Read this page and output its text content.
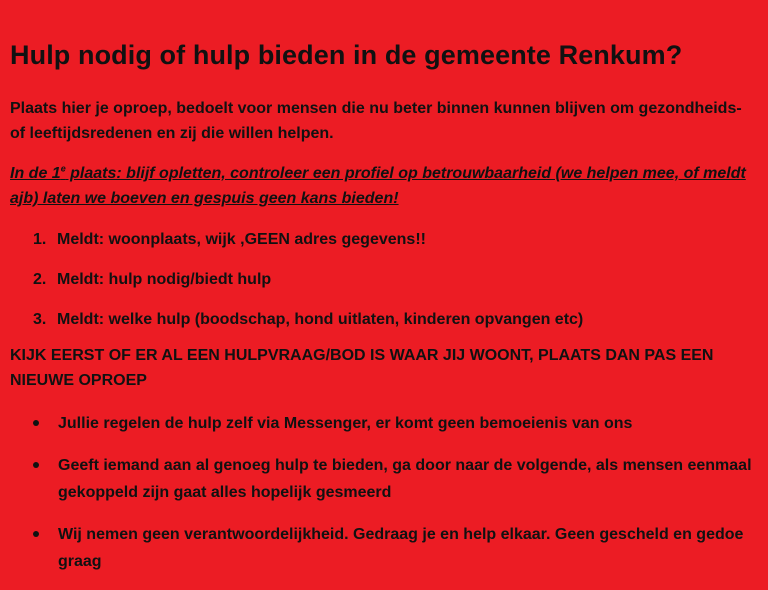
Hulp nodig of hulp bieden in de gemeente Renkum?

Plaats hier je oproep, bedoelt voor mensen die nu beter binnen kunnen blijven om gezondheids- of leeftijdsredenen en zij die willen helpen.

In de 1e plaats: blijf opletten, controleer een profiel op betrouwbaarheid (we helpen mee, of meldt ajb) laten we boeven en gespuis geen kans bieden!

1. Meldt: woonplaats, wijk ,GEEN adres gegevens!!
2. Meldt: hulp nodig/biedt hulp
3. Meldt: welke hulp (boodschap, hond uitlaten, kinderen opvangen etc)

KIJK EERST OF ER AL EEN HULPVRAAG/BOD IS WAAR JIJ WOONT, PLAATS DAN PAS EEN NIEUWE OPROEP

Jullie regelen de hulp zelf via Messenger, er komt geen bemoeienis van ons
Geeft iemand aan al genoeg hulp te bieden, ga door naar de volgende, als mensen eenmaal gekoppeld zijn gaat alles hopelijk gesmeerd
Wij nemen geen verantwoordelijkheid. Gedraag je en help elkaar. Geen gescheld en gedoe graag
